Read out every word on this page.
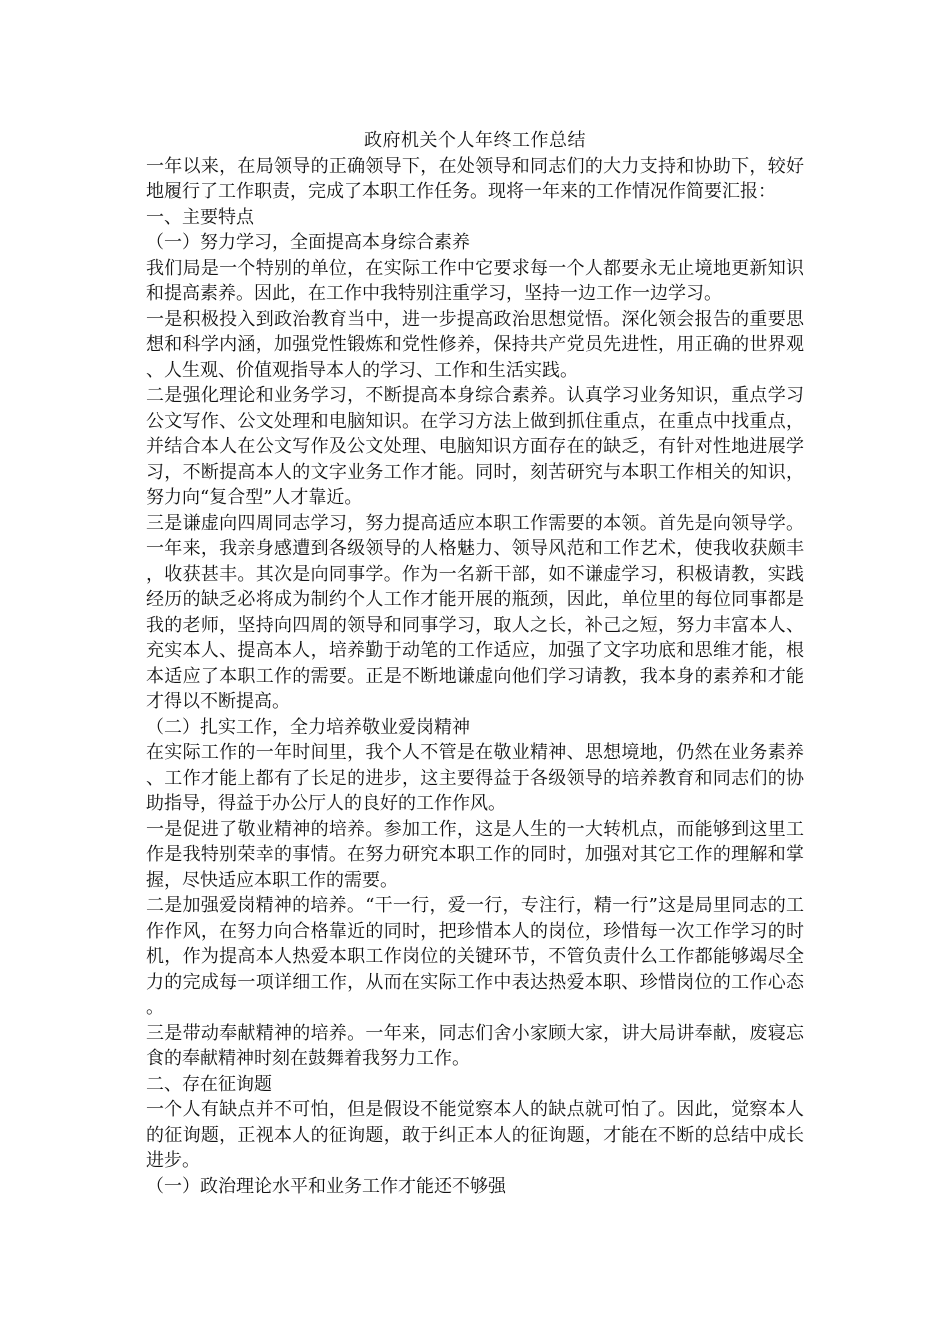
政府机关个人年终工作总结

一年以来，在局领导的正确领导下，在处领导和同志们的大力支持和协助下，较好地履行了工作职责，完成了本职工作任务。现将一年来的工作情况作简要汇报：

一、主要特点

（一）努力学习，全面提高本身综合素养

我们局是一个特别的单位，在实际工作中它要求每一个人都要永无止境地更新知识和提高素养。因此，在工作中我特别注重学习，坚持一边工作一边学习。

一是积极投入到政治教育当中，进一步提高政治思想觉悟。深化领会报告的重要思想和科学内涵，加强党性锻炼和党性修养，保持共产党员先进性，用正确的世界观、人生观、价值观指导本人的学习、工作和生活实践。

二是强化理论和业务学习，不断提高本身综合素养。认真学习业务知识，重点学习公文写作、公文处理和电脑知识。在学习方法上做到抓住重点，在重点中找重点，并结合本人在公文写作及公文处理、电脑知识方面存在的缺乏，有针对性地进展学习，不断提高本人的文字业务工作才能。同时，刻苦研究与本职工作相关的知识，努力向“复合型”人才靠近。

三是谦虚向四周同志学习，努力提高适应本职工作需要的本领。首先是向领导学。一年来，我亲身感遭到各级领导的人格魅力、领导风范和工作艺术，使我收获颇丰，收获甚丰。其次是向同事学。作为一名新干部，如不谦虚学习，积极请教，实践经历的缺乏必将成为制约个人工作才能开展的瓶颈，因此，单位里的每位同事都是我的老师，坚持向四周的领导和同事学习，取人之长，补己之短，努力丰富本人、充实本人、提高本人，培养勤于动笔的工作适应，加强了文字功底和思维才能，根本适应了本职工作的需要。正是不断地谦虚向他们学习请教，我本身的素养和才能才得以不断提高。

（二）扎实工作，全力培养敬业爱岗精神

在实际工作的一年时间里，我个人不管是在敬业精神、思想境地，仍然在业务素养、工作才能上都有了长足的进步，这主要得益于各级领导的培养教育和同志们的协助指导，得益于办公厅人的良好的工作作风。

一是促进了敬业精神的培养。参加工作，这是人生的一大转机点，而能够到这里工作是我特别荣幸的事情。在努力研究本职工作的同时，加强对其它工作的理解和掌握，尽快适应本职工作的需要。

二是加强爱岗精神的培养。“干一行，爱一行，专注行，精一行”这是局里同志的工作作风，在努力向合格靠近的同时，把珍惜本人的岗位，珍惜每一次工作学习的时机，作为提高本人热爱本职工作岗位的关键环节，不管负责什么工作都能够竭尽全力的完成每一项详细工作，从而在实际工作中表达热爱本职、珍惜岗位的工作心态。

三是带动奉献精神的培养。一年来，同志们舍小家顾大家，讲大局讲奉献，废寝忘食的奉献精神时刻在鼓舞着我努力工作。

二、存在征询题

一个人有缺点并不可怕，但是假设不能觉察本人的缺点就可怕了。因此，觉察本人的征询题，正视本人的征询题，敢于纠正本人的征询题，才能在不断的总结中成长进步。

（一）政治理论水平和业务工作才能还不够强
